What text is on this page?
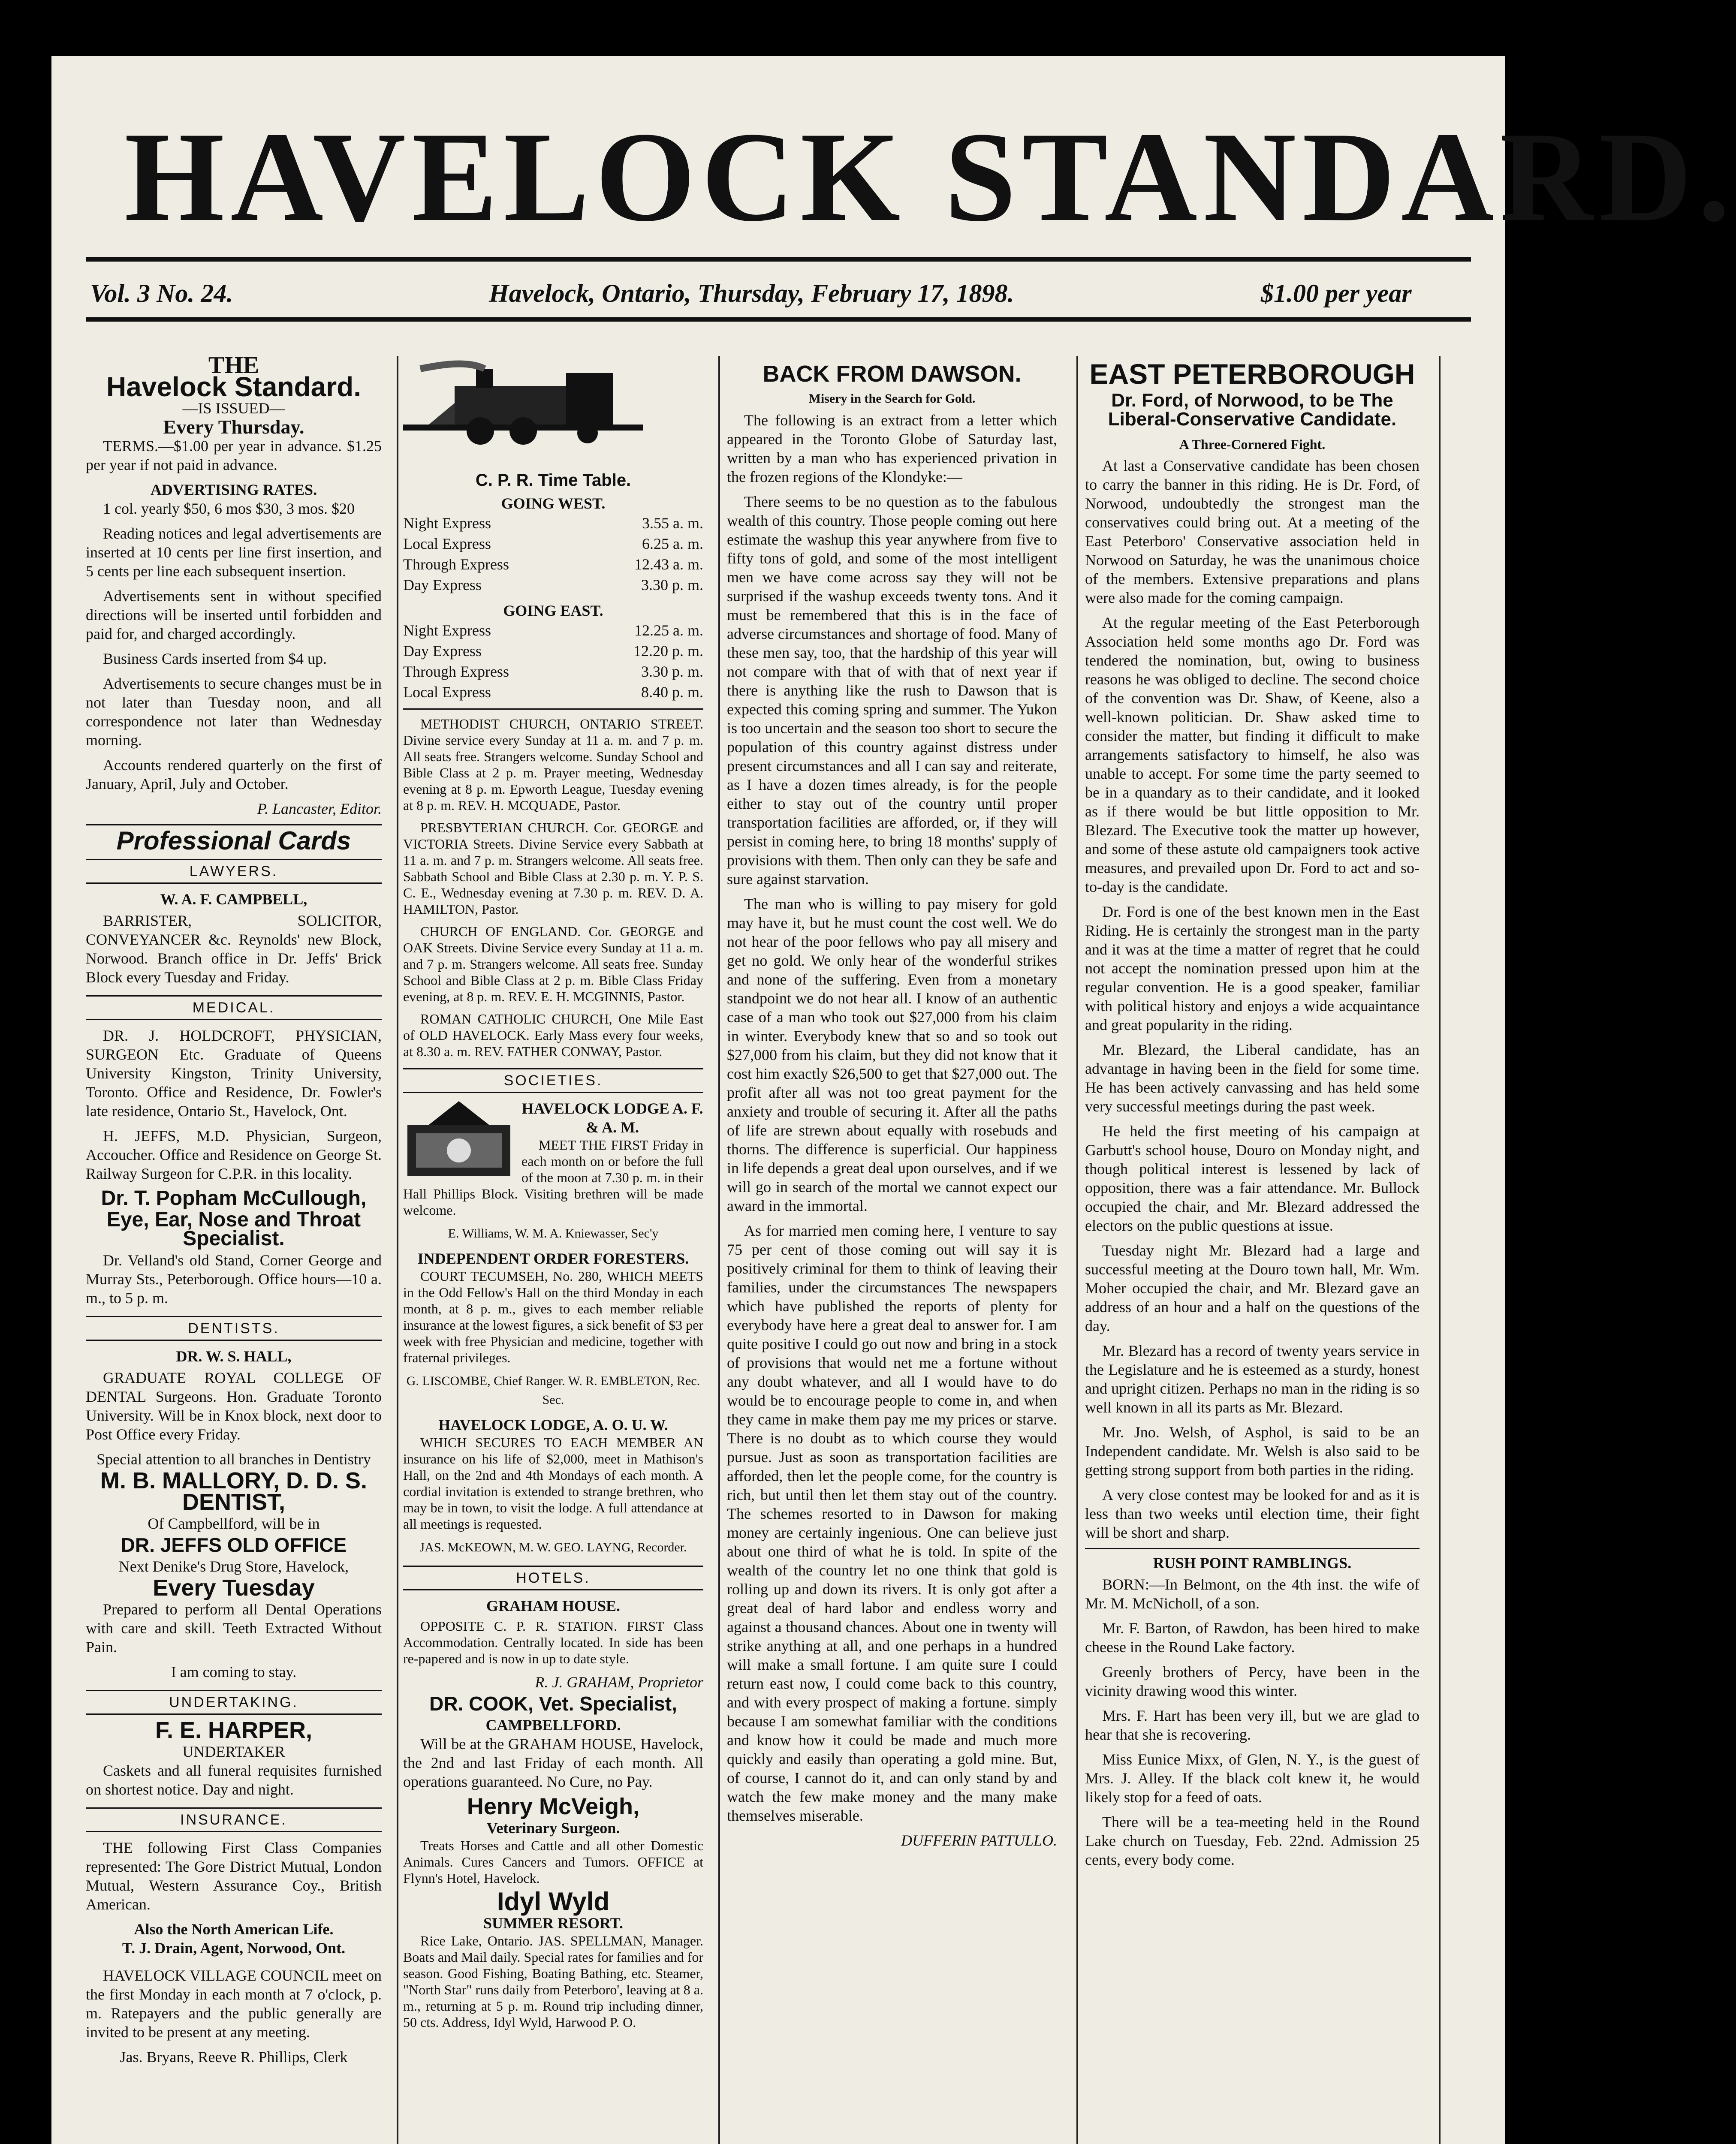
HAVELOCK STANDARD.
Vol. 3 No. 24.	Havelock, Ontario, Thursday, February 17, 1898.	$1.00 per year
THE
Havelock Standard.
—IS ISSUED—
Every Thursday.

TERMS.—$1.00 per year in advance. $1.25 per year if not paid in advance.

ADVERTISING RATES.

1 col. yearly $50, 6 mos $30, 3 mos. $20

Reading notices and legal advertisements are inserted at 10 cents per line first insertion, and 5 cents per line each subsequent insertion.

Advertisements sent in without specified directions will be inserted until forbidden and paid for, and charged accordingly.

Business Cards inserted from $4 up.

Advertisements to secure changes must be in not later than Tuesday noon, and all correspondence not later than Wednesday morning.

Accounts rendered quarterly on the first of January, April, July and October.

P. Lancaster, Editor.
Professional Cards
LAWYERS.
W. A. F. CAMPBELL,

BARRISTER, SOLICITOR, CONVEYANCER &c. Reynolds' new Block, Norwood. Branch office in Dr. Jeffs' Brick Block every Tuesday and Friday.

MEDICAL.

DR. J. HOLDCROFT, PHYSICIAN, SURGEON Etc. Graduate of Queens University Kingston, Trinity University, Toronto. Office and Residence, Dr. Fowler's late residence, Ontario St., Havelock, Ont.

H. JEFFS, M.D. Physician, Surgeon, Accoucher. Office and Residence on George St. Railway Surgeon for C.P.R. in this locality.

Dr. T. Popham McCullough,
Eye, Ear, Nose and Throat Specialist.

Dr. Velland's old Stand, Corner George and Murray Sts., Peterborough. Office hours—10 a. m., to 5 p. m.

DENTISTS.
DR. W. S. HALL,

GRADUATE ROYAL COLLEGE OF DENTAL Surgeons. Hon. Graduate Toronto University. Will be in Knox block, next door to Post Office every Friday.

Special attention to all branches in Dentistry
M. B. MALLORY, D. D. S.
DENTIST,
Of Campbellford, will be in
DR. JEFFS OLD OFFICE
Next Denike's Drug Store, Havelock,
Every Tuesday

Prepared to perform all Dental Operations with care and skill. Teeth Extracted Without Pain.

I am coming to stay.
UNDERTAKING.
F. E. HARPER,
UNDERTAKER

Caskets and all funeral requisites furnished on shortest notice. Day and night.

INSURANCE.

THE following First Class Companies represented: The Gore District Mutual, London Mutual, Western Assurance Coy., British American.

Also the North American Life.
T. J. Drain, Agent, Norwood, Ont.

HAVELOCK VILLAGE COUNCIL meet on the first Monday in each month at 7 o'clock, p. m. Ratepayers and the public generally are invited to be present at any meeting.

Jas. Bryans, Reeve R. Phillips, Clerk
C. P. R. Time Table.
GOING WEST.
Night Express	3.55 a. m.
Local Express	6.25 a. m.
Through Express	12.43 a. m.
Day Express	3.30 p. m.
GOING EAST.
Night Express	12.25 a. m.
Day Express	12.20 p. m.
Through Express	3.30 p. m.
Local Express	8.40 p. m.

METHODIST CHURCH, ONTARIO STREET. Divine service every Sunday at 11 a. m. and 7 p. m. All seats free. Strangers welcome. Sunday School and Bible Class at 2 p. m. Prayer meeting, Wednesday evening at 8 p. m. Epworth League, Tuesday evening at 8 p. m. REV. H. MCQUADE, Pastor.

PRESBYTERIAN CHURCH. Cor. GEORGE and VICTORIA Streets. Divine Service every Sabbath at 11 a. m. and 7 p. m. Strangers welcome. All seats free. Sabbath School and Bible Class at 2.30 p. m. Y. P. S. C. E., Wednesday evening at 7.30 p. m. REV. D. A. HAMILTON, Pastor.

CHURCH OF ENGLAND. Cor. GEORGE and OAK Streets. Divine Service every Sunday at 11 a. m. and 7 p. m. Strangers welcome. All seats free. Sunday School and Bible Class at 2 p. m. Bible Class Friday evening, at 8 p. m. REV. E. H. MCGINNIS, Pastor.

ROMAN CATHOLIC CHURCH, One Mile East of OLD HAVELOCK. Early Mass every four weeks, at 8.30 a. m. REV. FATHER CONWAY, Pastor.

SOCIETIES.
HAVELOCK LODGE A. F. & A. M.

MEET THE FIRST Friday in each month on or before the full of the moon at 7.30 p. m. in their Hall Phillips Block. Visiting brethren will be made welcome.

E. Williams, W. M. A. Kniewasser, Sec'y
INDEPENDENT ORDER FORESTERS.

COURT TECUMSEH, No. 280, WHICH MEETS in the Odd Fellow's Hall on the third Monday in each month, at 8 p. m., gives to each member reliable insurance at the lowest figures, a sick benefit of $3 per week with free Physician and medicine, together with fraternal privileges.

G. LISCOMBE, Chief Ranger. W. R. EMBLETON, Rec. Sec.
HAVELOCK LODGE, A. O. U. W.

WHICH SECURES TO EACH MEMBER AN insurance on his life of $2,000, meet in Mathison's Hall, on the 2nd and 4th Mondays of each month. A cordial invitation is extended to strange brethren, who may be in town, to visit the lodge. A full attendance at all meetings is requested.

JAS. McKEOWN, M. W. GEO. LAYNG, Recorder.
HOTELS.
GRAHAM HOUSE.

OPPOSITE C. P. R. STATION. FIRST Class Accommodation. Centrally located. In side has been re-papered and is now in up to date style.

R. J. GRAHAM, Proprietor
DR. COOK, Vet. Specialist,
CAMPBELLFORD.

Will be at the GRAHAM HOUSE, Havelock, the 2nd and last Friday of each month. All operations guaranteed. No Cure, no Pay.

Henry McVeigh,
Veterinary Surgeon.

Treats Horses and Cattle and all other Domestic Animals. Cures Cancers and Tumors. OFFICE at Flynn's Hotel, Havelock.

Idyl Wyld
SUMMER RESORT.

Rice Lake, Ontario. JAS. SPELLMAN, Manager. Boats and Mail daily. Special rates for families and for season. Good Fishing, Boating Bathing, etc. Steamer, "North Star" runs daily from Peterboro', leaving at 8 a. m., returning at 5 p. m. Round trip including dinner, 50 cts. Address, Idyl Wyld, Harwood P. O.

BACK FROM DAWSON.
Misery in the Search for Gold.

The following is an extract from a letter which appeared in the Toronto Globe of Saturday last, written by a man who has experienced privation in the frozen regions of the Klondyke:—

There seems to be no question as to the fabulous wealth of this country. Those people coming out here estimate the washup this year anywhere from five to fifty tons of gold, and some of the most intelligent men we have come across say they will not be surprised if the washup exceeds twenty tons. And it must be remembered that this is in the face of adverse circumstances and shortage of food. Many of these men say, too, that the hardship of this year will not compare with that of with that of next year if there is anything like the rush to Dawson that is expected this coming spring and summer. The Yukon is too uncertain and the season too short to secure the population of this country against distress under present circumstances and all I can say and reiterate, as I have a dozen times already, is for the people either to stay out of the country until proper transportation facilities are afforded, or, if they will persist in coming here, to bring 18 months' supply of provisions with them. Then only can they be safe and sure against starvation.

The man who is willing to pay misery for gold may have it, but he must count the cost well. We do not hear of the poor fellows who pay all misery and get no gold. We only hear of the wonderful strikes and none of the suffering. Even from a monetary standpoint we do not hear all. I know of an authentic case of a man who took out $27,000 from his claim in winter. Everybody knew that so and so took out $27,000 from his claim, but they did not know that it cost him exactly $26,500 to get that $27,000 out. The profit after all was not too great payment for the anxiety and trouble of securing it. After all the paths of life are strewn about equally with rosebuds and thorns. The difference is superficial. Our happiness in life depends a great deal upon ourselves, and if we will go in search of the mortal we cannot expect our award in the immortal.

As for married men coming here, I venture to say 75 per cent of those coming out will say it is positively criminal for them to think of leaving their families, under the circumstances The newspapers which have published the reports of plenty for everybody have here a great deal to answer for. I am quite positive I could go out now and bring in a stock of provisions that would net me a fortune without any doubt whatever, and all I would have to do would be to encourage people to come in, and when they came in make them pay me my prices or starve. There is no doubt as to which course they would pursue. Just as soon as transportation facilities are afforded, then let the people come, for the country is rich, but until then let them stay out of the country. The schemes resorted to in Dawson for making money are certainly ingenious. One can believe just about one third of what he is told. In spite of the wealth of the country let no one think that gold is rolling up and down its rivers. It is only got after a great deal of hard labor and endless worry and against a thousand chances. About one in twenty will strike anything at all, and one perhaps in a hundred will make a small fortune. I am quite sure I could return east now, I could come back to this country, and with every prospect of making a fortune. simply because I am somewhat familiar with the conditions and know how it could be made and much more quickly and easily than operating a gold mine. But, of course, I cannot do it, and can only stand by and watch the few make money and the many make themselves miserable.

DUFFERIN PATTULLO.
EAST PETERBOROUGH
Dr. Ford, of Norwood, to be The Liberal-Conservative Candidate.
A Three-Cornered Fight.

At last a Conservative candidate has been chosen to carry the banner in this riding. He is Dr. Ford, of Norwood, undoubtedly the strongest man the conservatives could bring out. At a meeting of the East Peterboro' Conservative association held in Norwood on Saturday, he was the unanimous choice of the members. Extensive preparations and plans were also made for the coming campaign.

At the regular meeting of the East Peterborough Association held some months ago Dr. Ford was tendered the nomination, but, owing to business reasons he was obliged to decline. The second choice of the convention was Dr. Shaw, of Keene, also a well-known politician. Dr. Shaw asked time to consider the matter, but finding it difficult to make arrangements satisfactory to himself, he also was unable to accept. For some time the party seemed to be in a quandary as to their candidate, and it looked as if there would be but little opposition to Mr. Blezard. The Executive took the matter up however, and some of these astute old campaigners took active measures, and prevailed upon Dr. Ford to act and so-to-day is the candidate.

Dr. Ford is one of the best known men in the East Riding. He is certainly the strongest man in the party and it was at the time a matter of regret that he could not accept the nomination pressed upon him at the regular convention. He is a good speaker, familiar with political history and enjoys a wide acquaintance and great popularity in the riding.

Mr. Blezard, the Liberal candidate, has an advantage in having been in the field for some time. He has been actively canvassing and has held some very successful meetings during the past week.

He held the first meeting of his campaign at Garbutt's school house, Douro on Monday night, and though political interest is lessened by lack of opposition, there was a fair attendance. Mr. Bullock occupied the chair, and Mr. Blezard addressed the electors on the public questions at issue.

Tuesday night Mr. Blezard had a large and successful meeting at the Douro town hall, Mr. Wm. Moher occupied the chair, and Mr. Blezard gave an address of an hour and a half on the questions of the day.

Mr. Blezard has a record of twenty years service in the Legislature and he is esteemed as a sturdy, honest and upright citizen. Perhaps no man in the riding is so well known in all its parts as Mr. Blezard.

Mr. Jno. Welsh, of Asphol, is said to be an Independent candidate. Mr. Welsh is also said to be getting strong support from both parties in the riding.

A very close contest may be looked for and as it is less than two weeks until election time, their fight will be short and sharp.

RUSH POINT RAMBLINGS.

BORN:—In Belmont, on the 4th inst. the wife of Mr. M. McNicholl, of a son.

Mr. F. Barton, of Rawdon, has been hired to make cheese in the Round Lake factory.

Greenly brothers of Percy, have been in the vicinity drawing wood this winter.

Mrs. F. Hart has been very ill, but we are glad to hear that she is recovering.

Miss Eunice Mixx, of Glen, N. Y., is the guest of Mrs. J. Alley. If the black colt knew it, he would likely stop for a feed of oats.

There will be a tea-meeting held in the Round Lake church on Tuesday, Feb. 22nd. Admission 25 cents, every body come.
